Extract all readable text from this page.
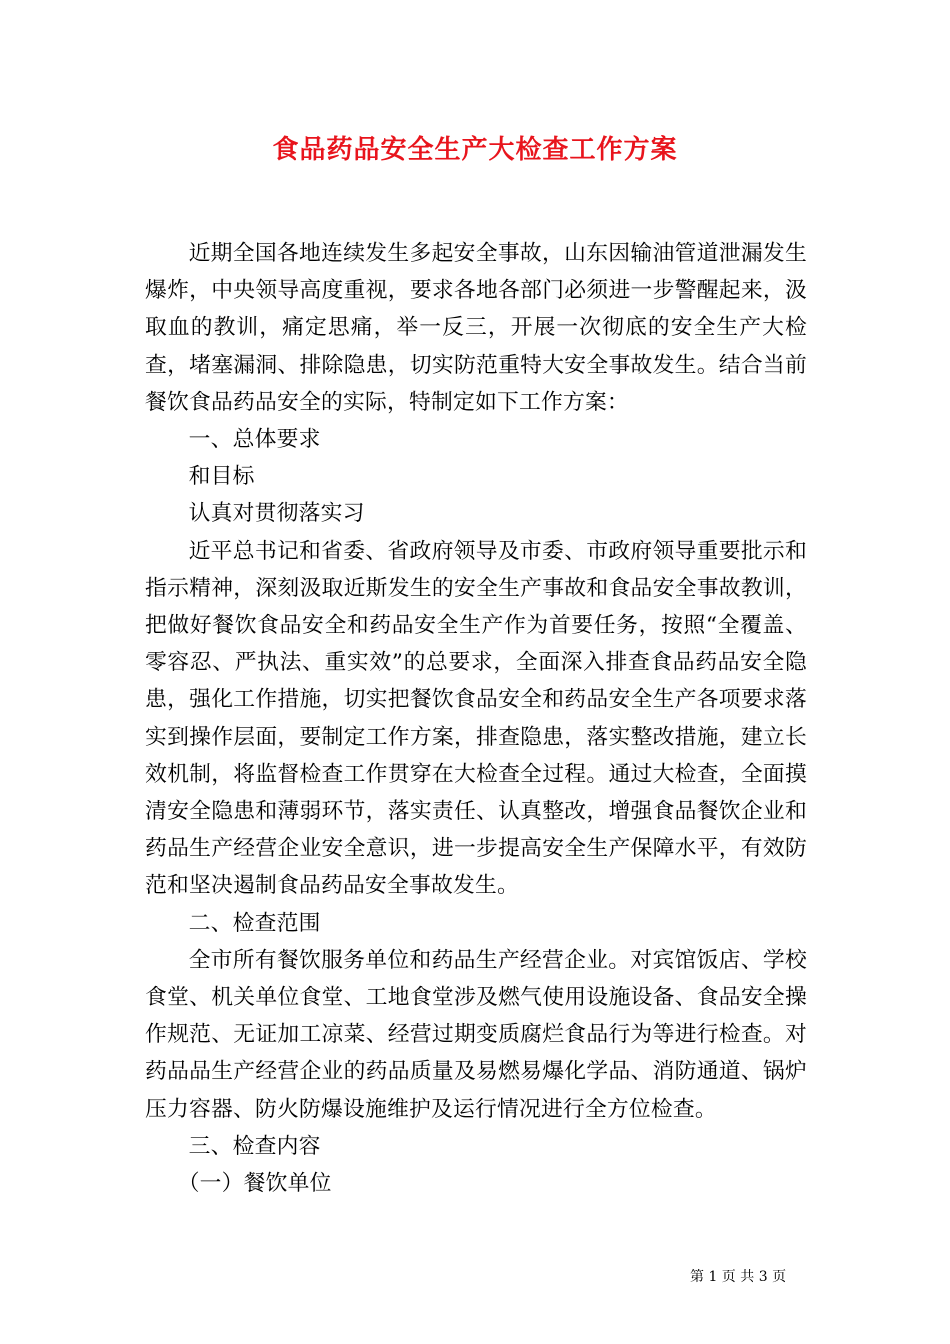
食品药品安全生产大检查工作方案

近期全国各地连续发生多起安全事故，山东因输油管道泄漏发生爆炸，中央领导高度重视，要求各地各部门必须进一步警醒起来，汲取血的教训，痛定思痛，举一反三，开展一次彻底的安全生产大检查，堵塞漏洞、排除隐患，切实防范重特大安全事故发生。结合当前餐饮食品药品安全的实际，特制定如下工作方案：

一、总体要求

和目标

认真对贯彻落实习

近平总书记和省委、省政府领导及市委、市政府领导重要批示和指示精神，深刻汲取近斯发生的安全生产事故和食品安全事故教训，把做好餐饮食品安全和药品安全生产作为首要任务，按照“全覆盖、零容忍、严执法、重实效”的总要求，全面深入排查食品药品安全隐患，强化工作措施，切实把餐饮食品安全和药品安全生产各项要求落实到操作层面，要制定工作方案，排查隐患，落实整改措施，建立长效机制，将监督检查工作贯穿在大检查全过程。通过大检查，全面摸清安全隐患和薄弱环节，落实责任、认真整改，增强食品餐饮企业和药品生产经营企业安全意识，进一步提高安全生产保障水平，有效防范和坚决遏制食品药品安全事故发生。

二、检查范围

全市所有餐饮服务单位和药品生产经营企业。对宾馆饭店、学校食堂、机关单位食堂、工地食堂涉及燃气使用设施设备、食品安全操作规范、无证加工凉菜、经营过期变质腐烂食品行为等进行检查。对药品品生产经营企业的药品质量及易燃易爆化学品、消防通道、锅炉压力容器、防火防爆设施维护及运行情况进行全方位检查。

三、检查内容

（一）餐饮单位

第 1 页 共 3 页
